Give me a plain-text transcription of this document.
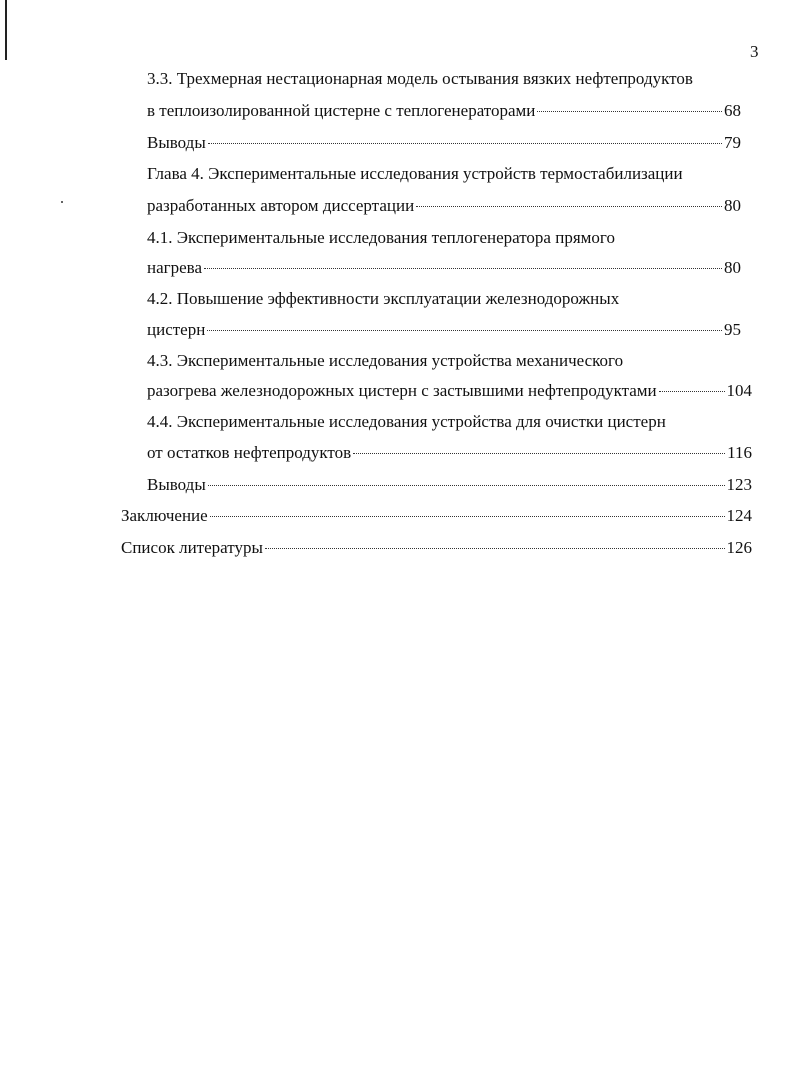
3
3.3. Трехмерная нестационарная модель остывания вязких нефтепродуктов
в теплоизолированной цистерне с теплогенераторами	68
Выводы	79
Глава 4. Экспериментальные исследования устройств термостабилизации
разработанных автором диссертации	80
4.1. Экспериментальные исследования теплогенератора прямого
нагрева	80
4.2. Повышение эффективности эксплуатации железнодорожных
цистерн	95
4.3. Экспериментальные исследования устройства механического
разогрева железнодорожных цистерн с застывшими нефтепродуктами	104
4.4. Экспериментальные исследования устройства для очистки цистерн
от остатков нефтепродуктов	116
Выводы	123
Заключение	124
Список литературы	126
